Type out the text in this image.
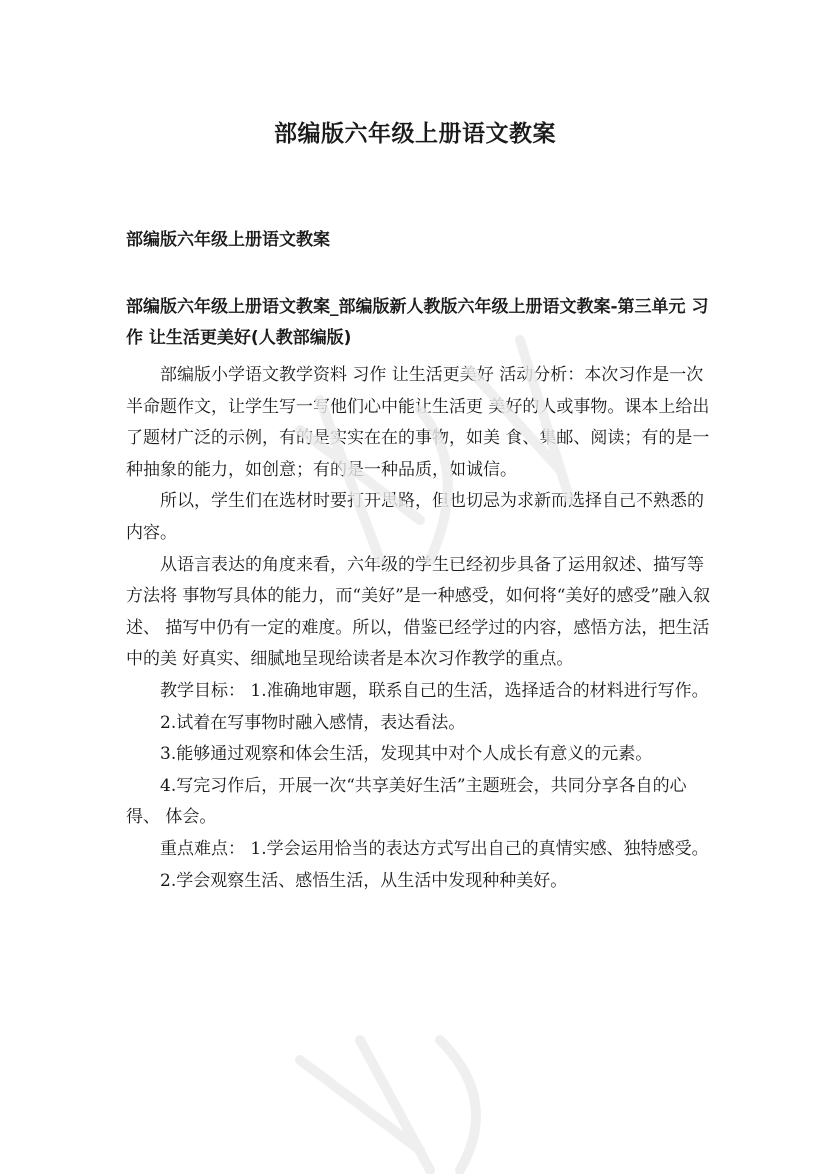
部编版六年级上册语文教案
部编版六年级上册语文教案
部编版六年级上册语文教案_部编版新人教版六年级上册语文教案-第三单元 习作 让生活更美好(人教部编版)

部编版小学语文教学资料 习作 让生活更美好 活动分析：本次习作是一次半命题作文，让学生写一写他们心中能让生活更 美好的人或事物。课本上给出了题材广泛的示例，有的是实实在在的事物，如美 食、集邮、阅读；有的是一种抽象的能力，如创意；有的是一种品质，如诚信。

所以，学生们在选材时要打开思路，但也切忌为求新而选择自己不熟悉的内容。

从语言表达的角度来看，六年级的学生已经初步具备了运用叙述、描写等方法将 事物写具体的能力，而“美好”是一种感受，如何将“美好的感受”融入叙述、 描写中仍有一定的难度。所以，借鉴已经学过的内容，感悟方法，把生活中的美 好真实、细腻地呈现给读者是本次习作教学的重点。

教学目标： 1.准确地审题，联系自己的生活，选择适合的材料进行写作。

2.试着在写事物时融入感情，表达看法。

3.能够通过观察和体会生活，发现其中对个人成长有意义的元素。

4.写完习作后，开展一次“共享美好生活”主题班会，共同分享各自的心得、 体会。

重点难点： 1.学会运用恰当的表达方式写出自己的真情实感、独特感受。

2.学会观察生活、感悟生活，从生活中发现种种美好。
